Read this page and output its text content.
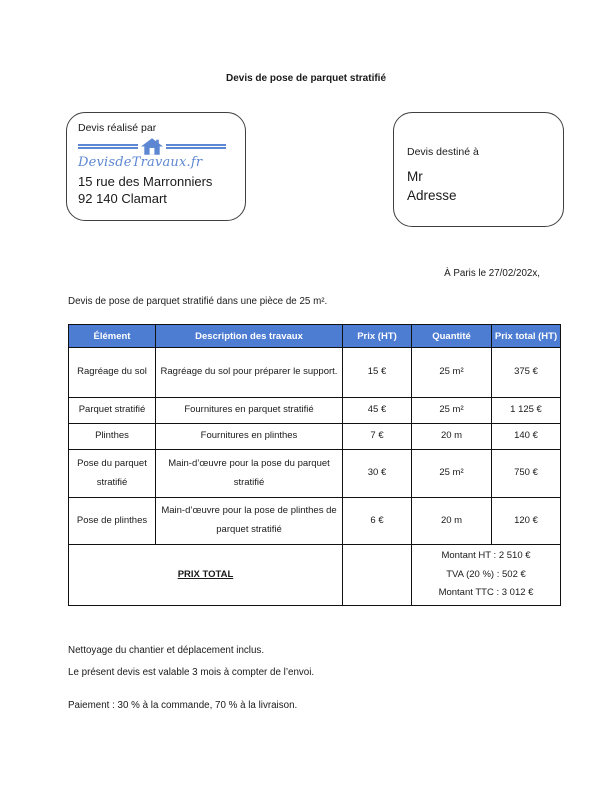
Devis de pose de parquet stratifié
Devis réalisé par
DevisdeTravaux.fr
15 rue des Marronniers
92 140 Clamart
Devis destiné à
Mr
Adresse
À Paris le 27/02/202x,
Devis de pose de parquet stratifié dans une pièce de 25 m².
Élément	Description des travaux	Prix (HT)	Quantité	Prix total (HT)
Ragréage du sol	Ragréage du sol pour préparer le support.	15 €	25 m²	375 €
Parquet stratifié	Fournitures en parquet stratifié	45 €	25 m²	1 125 €
Plinthes	Fournitures en plinthes	7 €	20 m	140 €
Pose du parquet stratifié	Main-d’œuvre pour la pose du parquet stratifié	30 €	25 m²	750 €
Pose de plinthes	Main-d’œuvre pour la pose de plinthes de parquet stratifié	6 €	20 m	120 €
PRIX TOTAL			Montant HT : 2 510 €
TVA (20 %) : 502 €
Montant TTC : 3 012 €	
Nettoyage du chantier et déplacement inclus.
Le présent devis est valable 3 mois à compter de l’envoi.
Paiement : 30 % à la commande, 70 % à la livraison.
